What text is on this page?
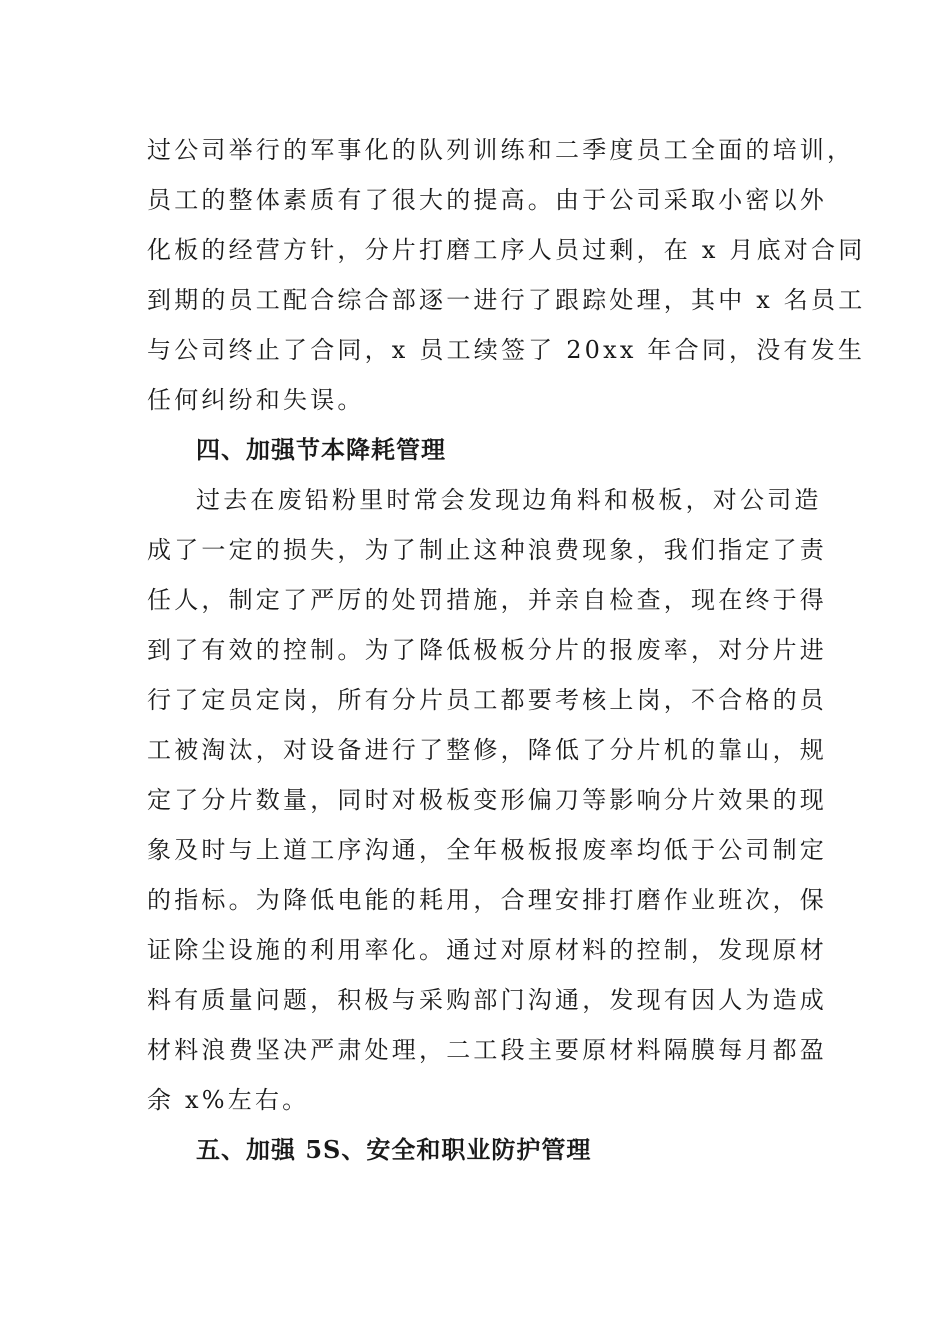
过公司举行的军事化的队列训练和二季度员工全面的培训，
员工的整体素质有了很大的提高。由于公司采取小密以外
化板的经营方针，分片打磨工序人员过剩，在 x 月底对合同
到期的员工配合综合部逐一进行了跟踪处理，其中 x 名员工
与公司终止了合同，x 员工续签了 20xx 年合同，没有发生
任何纠纷和失误。
四、加强节本降耗管理
过去在废铅粉里时常会发现边角料和极板，对公司造
成了一定的损失，为了制止这种浪费现象，我们指定了责
任人，制定了严厉的处罚措施，并亲自检查，现在终于得
到了有效的控制。为了降低极板分片的报废率，对分片进
行了定员定岗，所有分片员工都要考核上岗，不合格的员
工被淘汰，对设备进行了整修，降低了分片机的靠山，规
定了分片数量，同时对极板变形偏刀等影响分片效果的现
象及时与上道工序沟通，全年极板报废率均低于公司制定
的指标。为降低电能的耗用，合理安排打磨作业班次，保
证除尘设施的利用率化。通过对原材料的控制，发现原材
料有质量问题，积极与采购部门沟通，发现有因人为造成
材料浪费坚决严肃处理，二工段主要原材料隔膜每月都盈
余 x%左右。
五、加强 5S、安全和职业防护管理
